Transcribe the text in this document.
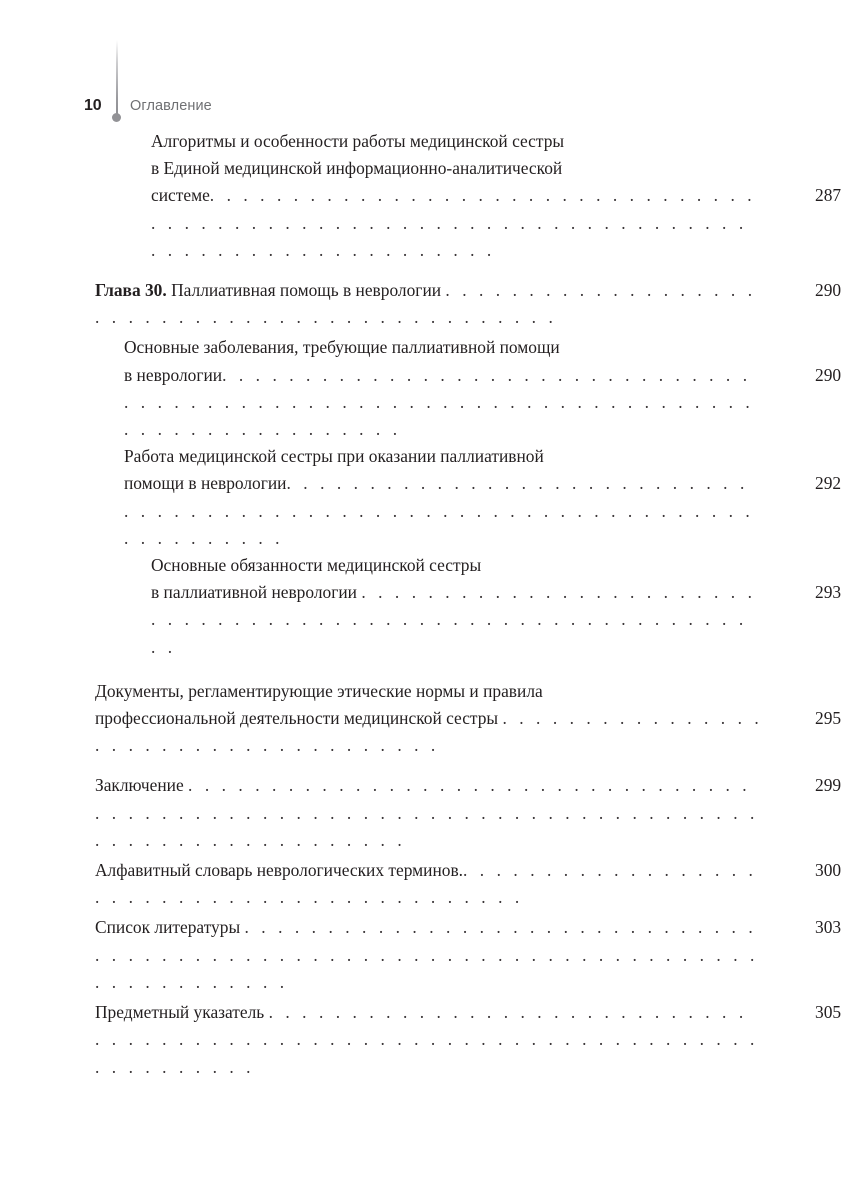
10 Оглавление
Алгоритмы и особенности работы медицинской сестры
в Единой медицинской информационно-аналитической
системе. . . . . . . . . . . . . . . . . . . . . . . . . . . . . . . . . . . . . . . . . . . . . . . . . . . . . . . . . . . . . . . . . . . . . . . . . . . . . . . . . . . . . . . . . .
287
Глава 30. Паллиативная помощь в неврологии . . . . . . . . . . . . . . . . . . . . . . . . . . . . . . . . . . . . . . . . . . . . . . .
290
Основные заболевания, требующие паллиативной помощи
в неврологии. . . . . . . . . . . . . . . . . . . . . . . . . . . . . . . . . . . . . . . . . . . . . . . . . . . . . . . . . . . . . . . . . . . . . . . . . . . . . . . . . . . . . . .
290
Работа медицинской сестры при оказании паллиативной
помощи в неврологии. . . . . . . . . . . . . . . . . . . . . . . . . . . . . . . . . . . . . . . . . . . . . . . . . . . . . . . . . . . . . . . . . . . . . . . . . . . .
292
Основные обязанности медицинской сестры
в паллиативной неврологии . . . . . . . . . . . . . . . . . . . . . . . . . . . . . . . . . . . . . . . . . . . . . . . . . . . . . . . . . . . . . .
293
Документы, регламентирующие этические нормы и правила
профессиональной деятельности медицинской сестры . . . . . . . . . . . . . . . . . . . . . . . . . . . . . . . . . . . . .
295
Заключение . . . . . . . . . . . . . . . . . . . . . . . . . . . . . . . . . . . . . . . . . . . . . . . . . . . . . . . . . . . . . . . . . . . . . . . . . . . . . . . . . . . . . . . . . . . . .
299
Алфавитный словарь неврологических терминов.. . . . . . . . . . . . . . . . . . . . . . . . . . . . . . . . . . . . . . . . . . . .
300
Список литературы . . . . . . . . . . . . . . . . . . . . . . . . . . . . . . . . . . . . . . . . . . . . . . . . . . . . . . . . . . . . . . . . . . . . . . . . . . . . . . . . . . .
303
Предметный указатель . . . . . . . . . . . . . . . . . . . . . . . . . . . . . . . . . . . . . . . . . . . . . . . . . . . . . . . . . . . . . . . . . . . . . . . . . . . . . . .
305
